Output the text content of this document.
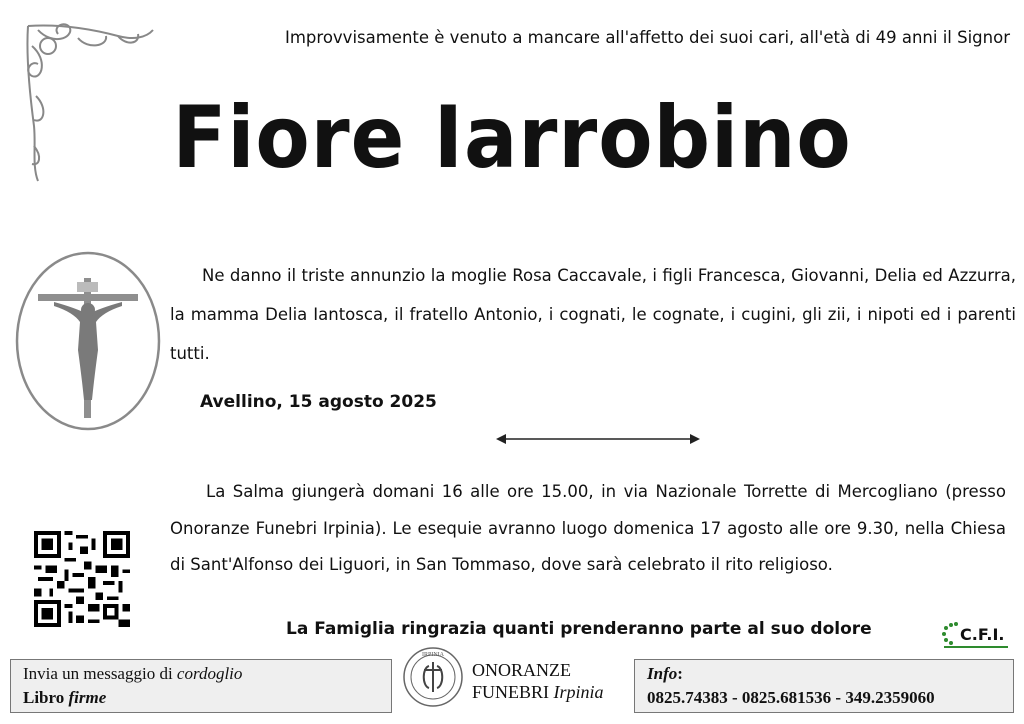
Improvvisamente è venuto a mancare all'affetto dei suoi cari, all'età di 49 anni il Signor
Fiore Iarrobino
Ne danno il triste annunzio la moglie Rosa Caccavale, i figli Francesca, Giovanni, Delia ed Azzurra, la mamma Delia Iantosca, il fratello Antonio, i cognati, le cognate, i cugini, gli zii, i nipoti ed i parenti tutti.
Avellino, 15 agosto 2025
La Salma giungerà domani 16 alle ore 15.00, in via Nazionale Torrette di Mercogliano (presso Onoranze Funebri Irpinia). Le esequie avranno luogo domenica 17 agosto alle ore 9.30, nella Chiesa di Sant'Alfonso dei Liguori, in San Tommaso, dove sarà celebrato il rito religioso.
La Famiglia ringrazia quanti prenderanno parte al suo dolore	C.F.I.
Invia un messaggio di cordoglio
Libro firme
IRPINIA
ONORANZE
FUNEBRI Irpinia
Info:
0825.74383 - 0825.681536 - 349.2359060
